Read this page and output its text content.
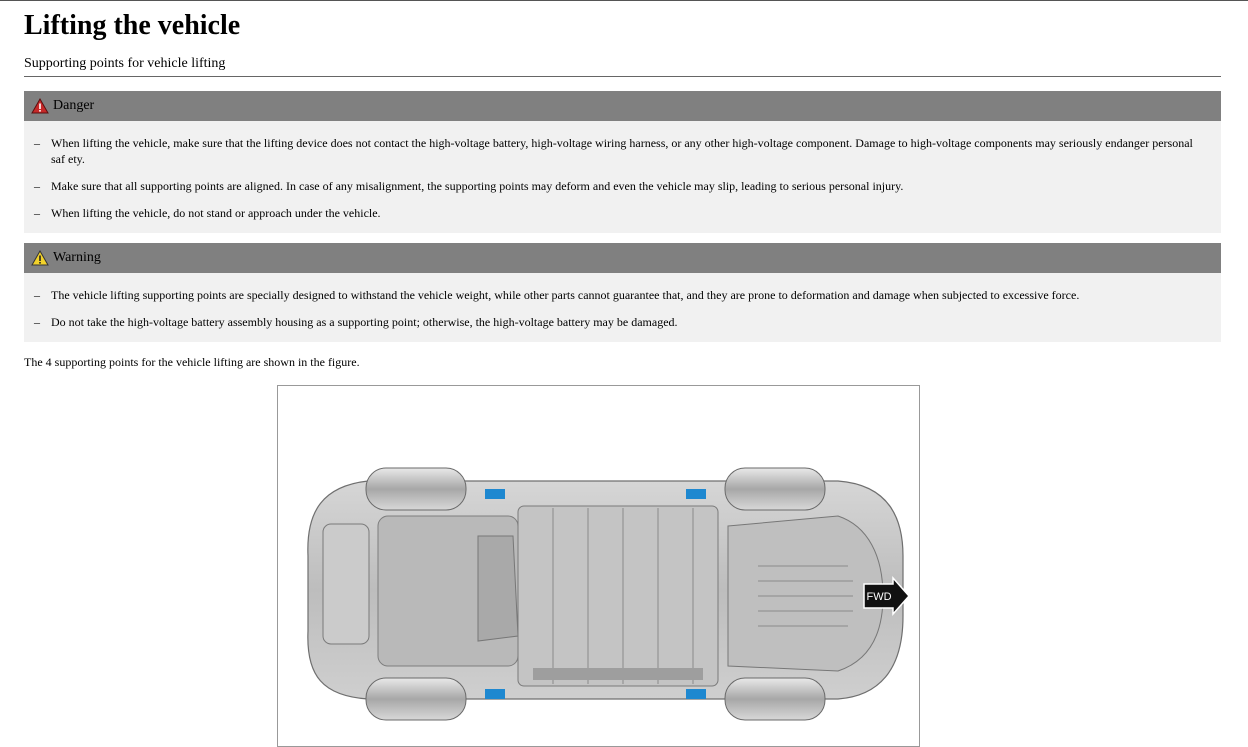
Lifting the vehicle
Supporting points for vehicle lifting
Danger
– When lifting the vehicle, make sure that the lifting device does not contact the high-voltage battery, high-voltage wiring harness, or any other high-voltage component. Damage to high-voltage components may seriously endanger personal saf ety.
– Make sure that all supporting points are aligned. In case of any misalignment, the supporting points may deform and even the vehicle may slip, leading to serious personal injury.
– When lifting the vehicle, do not stand or approach under the vehicle.
Warning
– The vehicle lifting supporting points are specially designed to withstand the vehicle weight, while other parts cannot guarantee that, and they are prone to deformation and damage when subjected to excessive force.
– Do not take the high-voltage battery assembly housing as a supporting point; otherwise, the high-voltage battery may be damaged.
The 4 supporting points for the vehicle lifting are shown in the figure.
FWD
